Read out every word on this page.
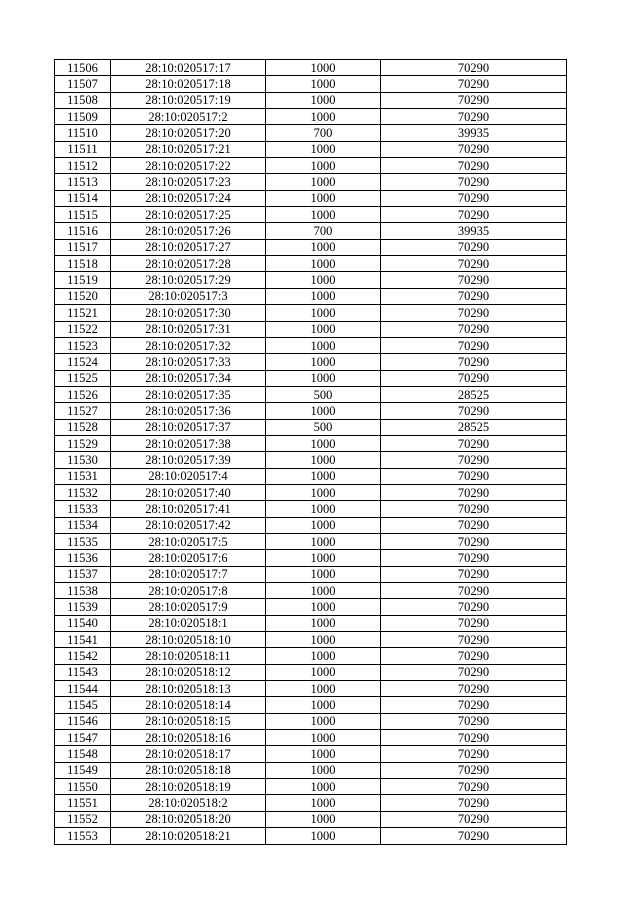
11506	28:10:020517:17	1000	70290
11507	28:10:020517:18	1000	70290
11508	28:10:020517:19	1000	70290
11509	28:10:020517:2	1000	70290
11510	28:10:020517:20	700	39935
11511	28:10:020517:21	1000	70290
11512	28:10:020517:22	1000	70290
11513	28:10:020517:23	1000	70290
11514	28:10:020517:24	1000	70290
11515	28:10:020517:25	1000	70290
11516	28:10:020517:26	700	39935
11517	28:10:020517:27	1000	70290
11518	28:10:020517:28	1000	70290
11519	28:10:020517:29	1000	70290
11520	28:10:020517:3	1000	70290
11521	28:10:020517:30	1000	70290
11522	28:10:020517:31	1000	70290
11523	28:10:020517:32	1000	70290
11524	28:10:020517:33	1000	70290
11525	28:10:020517:34	1000	70290
11526	28:10:020517:35	500	28525
11527	28:10:020517:36	1000	70290
11528	28:10:020517:37	500	28525
11529	28:10:020517:38	1000	70290
11530	28:10:020517:39	1000	70290
11531	28:10:020517:4	1000	70290
11532	28:10:020517:40	1000	70290
11533	28:10:020517:41	1000	70290
11534	28:10:020517:42	1000	70290
11535	28:10:020517:5	1000	70290
11536	28:10:020517:6	1000	70290
11537	28:10:020517:7	1000	70290
11538	28:10:020517:8	1000	70290
11539	28:10:020517:9	1000	70290
11540	28:10:020518:1	1000	70290
11541	28:10:020518:10	1000	70290
11542	28:10:020518:11	1000	70290
11543	28:10:020518:12	1000	70290
11544	28:10:020518:13	1000	70290
11545	28:10:020518:14	1000	70290
11546	28:10:020518:15	1000	70290
11547	28:10:020518:16	1000	70290
11548	28:10:020518:17	1000	70290
11549	28:10:020518:18	1000	70290
11550	28:10:020518:19	1000	70290
11551	28:10:020518:2	1000	70290
11552	28:10:020518:20	1000	70290
11553	28:10:020518:21	1000	70290
